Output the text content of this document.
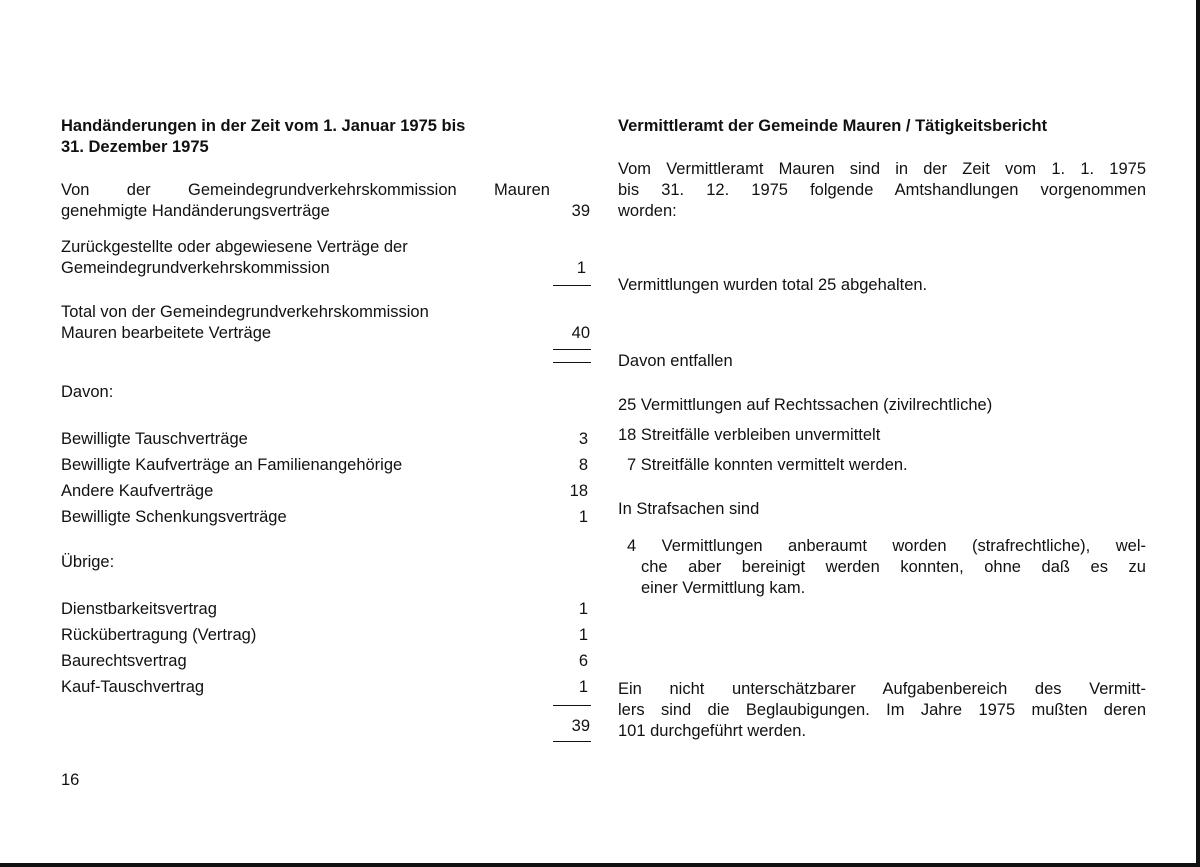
Handänderungen in der Zeit vom 1. Januar 1975 bis
31. Dezember 1975
Von der Gemeindegrundverkehrskommission Mauren
genehmigte Handänderungsverträge	39
Zurückgestellte oder abgewiesene Verträge der
Gemeindegrundverkehrskommission	1
Total von der Gemeindegrundverkehrskommission
Mauren bearbeitete Verträge	40
Davon:
Bewilligte Tauschverträge	3
Bewilligte Kaufverträge an Familienangehörige	8
Andere Kaufverträge	18
Bewilligte Schenkungsverträge	1
Übrige:
Dienstbarkeitsvertrag	1
Rückübertragung (Vertrag)	1
Baurechtsvertrag	6
Kauf-Tauschvertrag	1
39
Vermittleramt der Gemeinde Mauren / Tätigkeitsbericht
Vom Vermittleramt Mauren sind in der Zeit vom 1. 1. 1975
bis 31. 12. 1975 folgende Amtshandlungen vorgenommen
worden:
Vermittlungen wurden total 25 abgehalten.
Davon entfallen
25 Vermittlungen auf Rechtssachen (zivilrechtliche)
18 Streitfälle verbleiben unvermittelt
7 Streitfälle konnten vermittelt werden.
In Strafsachen sind
4 Vermittlungen anberaumt worden (strafrechtliche), wel-
che aber bereinigt werden konnten, ohne daß es zu
einer Vermittlung kam.
Ein nicht unterschätzbarer Aufgabenbereich des Vermitt-
lers sind die Beglaubigungen. Im Jahre 1975 mußten deren
101 durchgeführt werden.
16
